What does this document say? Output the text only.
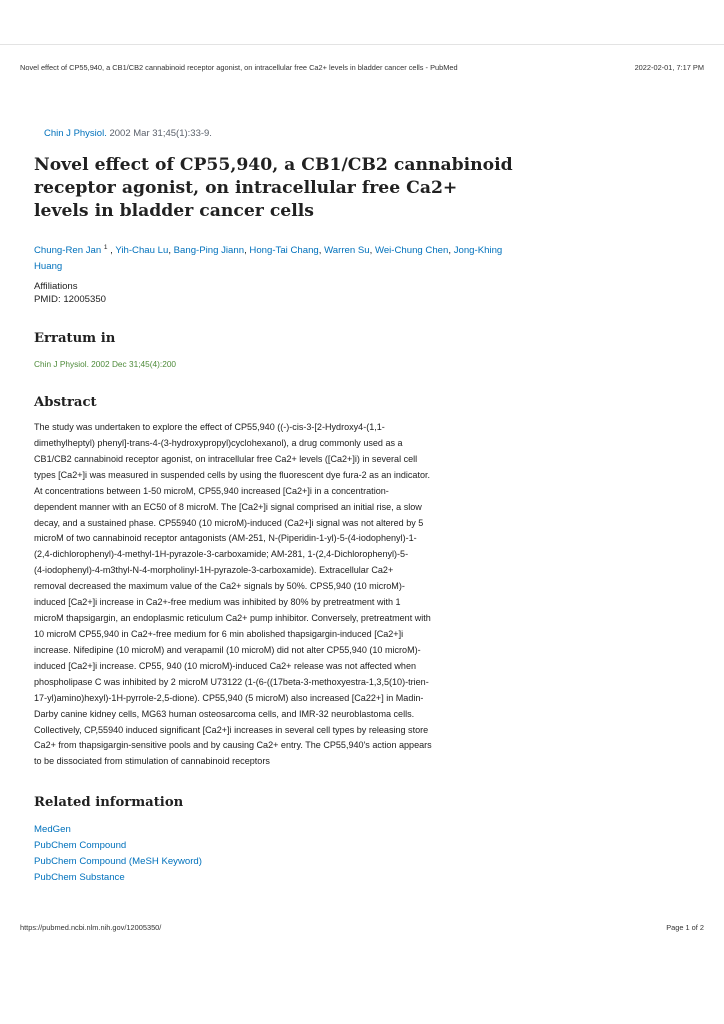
Novel effect of CP55,940, a CB1/CB2 cannabinoid receptor agonist, on intracellular free Ca2+ levels in bladder cancer cells - PubMed	2022-02-01, 7:17 PM
Chin J Physiol. 2002 Mar 31;45(1):33-9.
Novel effect of CP55,940, a CB1/CB2 cannabinoid receptor agonist, on intracellular free Ca2+ levels in bladder cancer cells
Chung-Ren Jan $^1$ , Yih-Chau Lu, Bang-Ping Jiann, Hong-Tai Chang, Warren Su, Wei-Chung Chen, Jong-Khing Huang
Affiliations
PMID: 12005350
Erratum in
Chin J Physiol. 2002 Dec 31;45(4):200
Abstract
The study was undertaken to explore the effect of CP55,940 ((-)-cis-3-[2-Hydroxy4-(1,1-
dimethylheptyl) phenyl]-trans-4-(3-hydroxypropyl)cyclohexanol), a drug commonly used as a
CB1/CB2 cannabinoid receptor agonist, on intracellular free Ca2+ levels ([Ca2+]i) in several cell
types [Ca2+]i was measured in suspended cells by using the fluorescent dye fura-2 as an indicator.
At concentrations between 1-50 microM, CP55,940 increased [Ca2+]i in a concentration-
dependent manner with an EC50 of 8 microM. The [Ca2+]i signal comprised an initial rise, a slow
decay, and a sustained phase. CP55940 (10 microM)-induced (Ca2+]i signal was not altered by 5
microM of two cannabinoid receptor antagonists (AM-251, N-(Piperidin-1-yl)-5-(4-iodophenyl)-1-
(2,4-dichlorophenyl)-4-methyl-1H-pyrazole-3-carboxamide; AM-281, 1-(2,4-Dichlorophenyl)-5-
(4-iodophenyl)-4-m3thyl-N-4-morpholinyl-1H-pyrazole-3-carboxamide). Extracellular Ca2+
removal decreased the maximum value of the Ca2+ signals by 50%. CPS5,940 (10 microM)-
induced [Ca2+]i increase in Ca2+-free medium was inhibited by 80% by pretreatment with 1
microM thapsigargin, an endoplasmic reticulum Ca2+ pump inhibitor. Conversely, pretreatment with
10 microM CP55,940 in Ca2+-free medium for 6 min abolished thapsigargin-induced [Ca2+]i
increase. Nifedipine (10 microM) and verapamil (10 microM) did not alter CP55,940 (10 microM)-
induced [Ca2+]i increase. CP55, 940 (10 microM)-induced Ca2+ release was not affected when
phospholipase C was inhibited by 2 microM U73122 (1-(6-((17beta-3-methoxyestra-1,3,5(10)-trien-
17-yl)amino)hexyl)-1H-pyrrole-2,5-dione). CP55,940 (5 microM) also increased [Ca22+] in Madin-
Darby canine kidney cells, MG63 human osteosarcoma cells, and IMR-32 neuroblastoma cells.
Collectively, CP,55940 induced significant [Ca2+]i increases in several cell types by releasing store
Ca2+ from thapsigargin-sensitive pools and by causing Ca2+ entry. The CP55,940's action appears
to be dissociated from stimulation of cannabinoid receptors
Related information
MedGen
PubChem Compound
PubChem Compound (MeSH Keyword)
PubChem Substance
https://pubmed.ncbi.nlm.nih.gov/12005350/	Page 1 of 2
